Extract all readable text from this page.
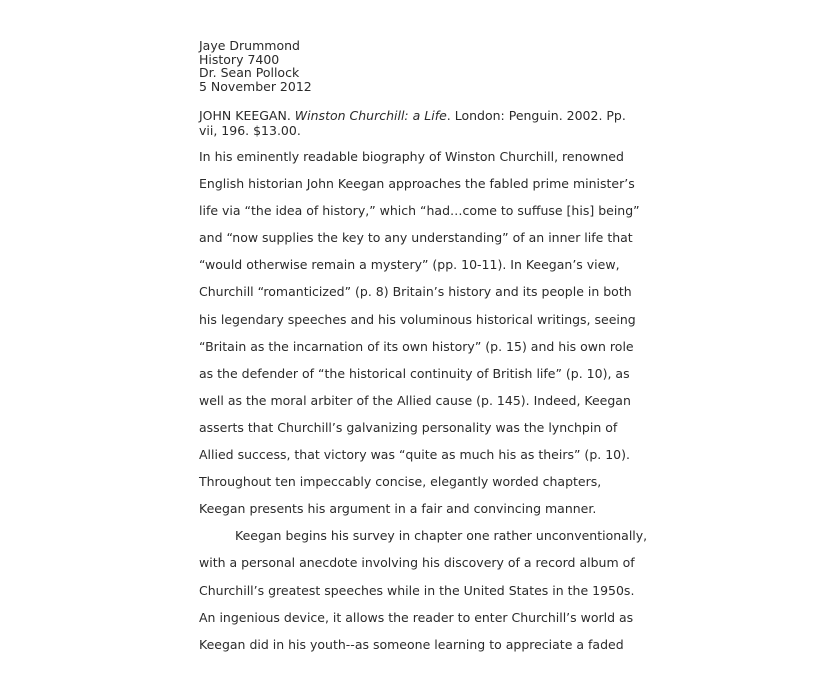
Jaye Drummond
History 7400
Dr. Sean Pollock
5 November 2012
JOHN KEEGAN. Winston Churchill: a Life. London: Penguin. 2002. Pp. vii, 196. $13.00.
In his eminently readable biography of Winston Churchill, renowned
English historian John Keegan approaches the fabled prime minister’s
life via “the idea of history,” which “had…come to suffuse [his] being”
and “now supplies the key to any understanding” of an inner life that
“would otherwise remain a mystery” (pp. 10-11). In Keegan’s view,
Churchill “romanticized” (p. 8) Britain’s history and its people in both
his legendary speeches and his voluminous historical writings, seeing
“Britain as the incarnation of its own history” (p. 15) and his own role
as the defender of “the historical continuity of British life” (p. 10), as
well as the moral arbiter of the Allied cause (p. 145). Indeed, Keegan
asserts that Churchill’s galvanizing personality was the lynchpin of
Allied success, that victory was “quite as much his as theirs” (p. 10).
Throughout ten impeccably concise, elegantly worded chapters,
Keegan presents his argument in a fair and convincing manner.
Keegan begins his survey in chapter one rather unconventionally,
with a personal anecdote involving his discovery of a record album of
Churchill’s greatest speeches while in the United States in the 1950s.
An ingenious device, it allows the reader to enter Churchill’s world as
Keegan did in his youth--as someone learning to appreciate a faded
